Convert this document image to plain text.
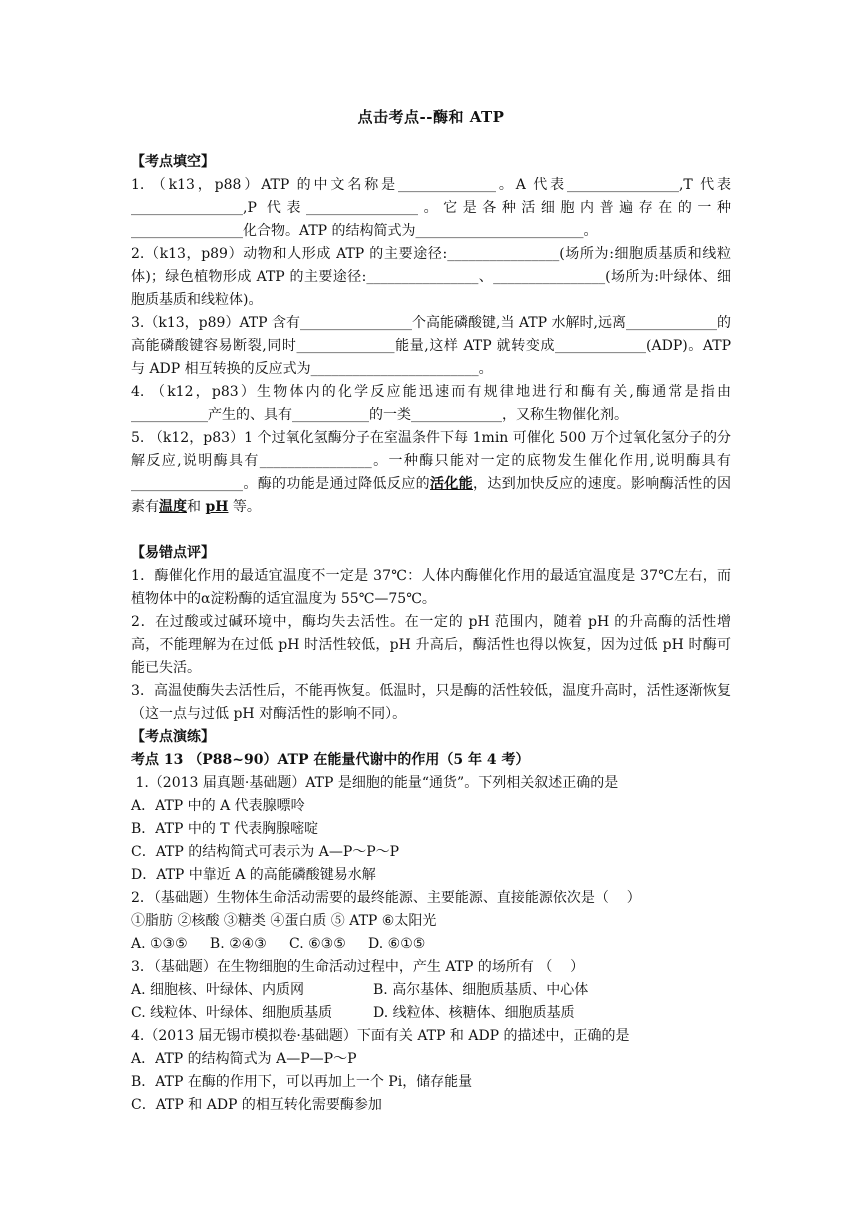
点击考点--酶和 ATP

【考点填空】

1. （k13，p88）ATP 的中文名称是______________。A 代表________________,T 代表________________,P 代表________________。它是各种活细胞内普遍存在的一种________________化合物。ATP 的结构简式为________________________。

2.（k13，p89）动物和人形成 ATP 的主要途径:________________(场所为:细胞质基质和线粒体)；绿色植物形成 ATP 的主要途径:________________、________________(场所为:叶绿体、细胞质基质和线粒体)。

3.（k13，p89）ATP 含有________________个高能磷酸键,当 ATP 水解时,远离_____________的高能磷酸键容易断裂,同时______________能量,这样 ATP 就转变成_____________(ADP)。ATP 与 ADP 相互转换的反应式为________________________。

4. （k12，p83）生物体内的化学反应能迅速而有规律地进行和酶有关,酶通常是指由___________产生的、具有___________的一类_____________，又称生物催化剂。

5. （k12，p83）1 个过氧化氢酶分子在室温条件下每 1min 可催化 500 万个过氧化氢分子的分解反应,说明酶具有________________。一种酶只能对一定的底物发生催化作用,说明酶具有________________。酶的功能是通过降低反应的活化能，达到加快反应的速度。影响酶活性的因素有温度和 pH 等。

【易错点评】

1．酶催化作用的最适宜温度不一定是 37℃：人体内酶催化作用的最适宜温度是 37℃左右，而植物体中的α淀粉酶的适宜温度为 55℃—75℃。

2．在过酸或过碱环境中，酶均失去活性。在一定的 pH 范围内，随着 pH 的升高酶的活性增高，不能理解为在过低 pH 时活性较低，pH 升高后，酶活性也得以恢复，因为过低 pH 时酶可能已失活。

3．高温使酶失去活性后，不能再恢复。低温时，只是酶的活性较低，温度升高时，活性逐渐恢复（这一点与过低 pH 对酶活性的影响不同）。

【考点演练】

考点 13 （P88~90）ATP 在能量代谢中的作用（5 年 4 考）

1.（2013 届真题·基础题）ATP 是细胞的能量“通货”。下列相关叙述正确的是

A．ATP 中的 A 代表腺嘌呤

B．ATP 中的 T 代表胸腺嘧啶

C．ATP 的结构简式可表示为 A—P～P～P

D．ATP 中靠近 A 的高能磷酸键易水解

2．（基础题）生物体生命活动需要的最终能源、主要能源、直接能源依次是（    ）

①脂肪 ②核酸 ③糖类 ④蛋白质 ⑤ ATP ⑥太阳光

A. ①③⑤     B. ②④③     C. ⑥③⑤     D. ⑥①⑤

3．（基础题）在生物细胞的生命活动过程中，产生 ATP 的场所有 （    ）

A. 细胞核、叶绿体、内质网	B. 高尔基体、细胞质基质、中心体
C. 线粒体、叶绿体、细胞质基质	D. 线粒体、核糖体、细胞质基质

4.（2013 届无锡市模拟卷·基础题）下面有关 ATP 和 ADP 的描述中，正确的是

A．ATP 的结构简式为 A—P—P～P

B．ATP 在酶的作用下，可以再加上一个 Pi，储存能量

C．ATP 和 ADP 的相互转化需要酶参加
